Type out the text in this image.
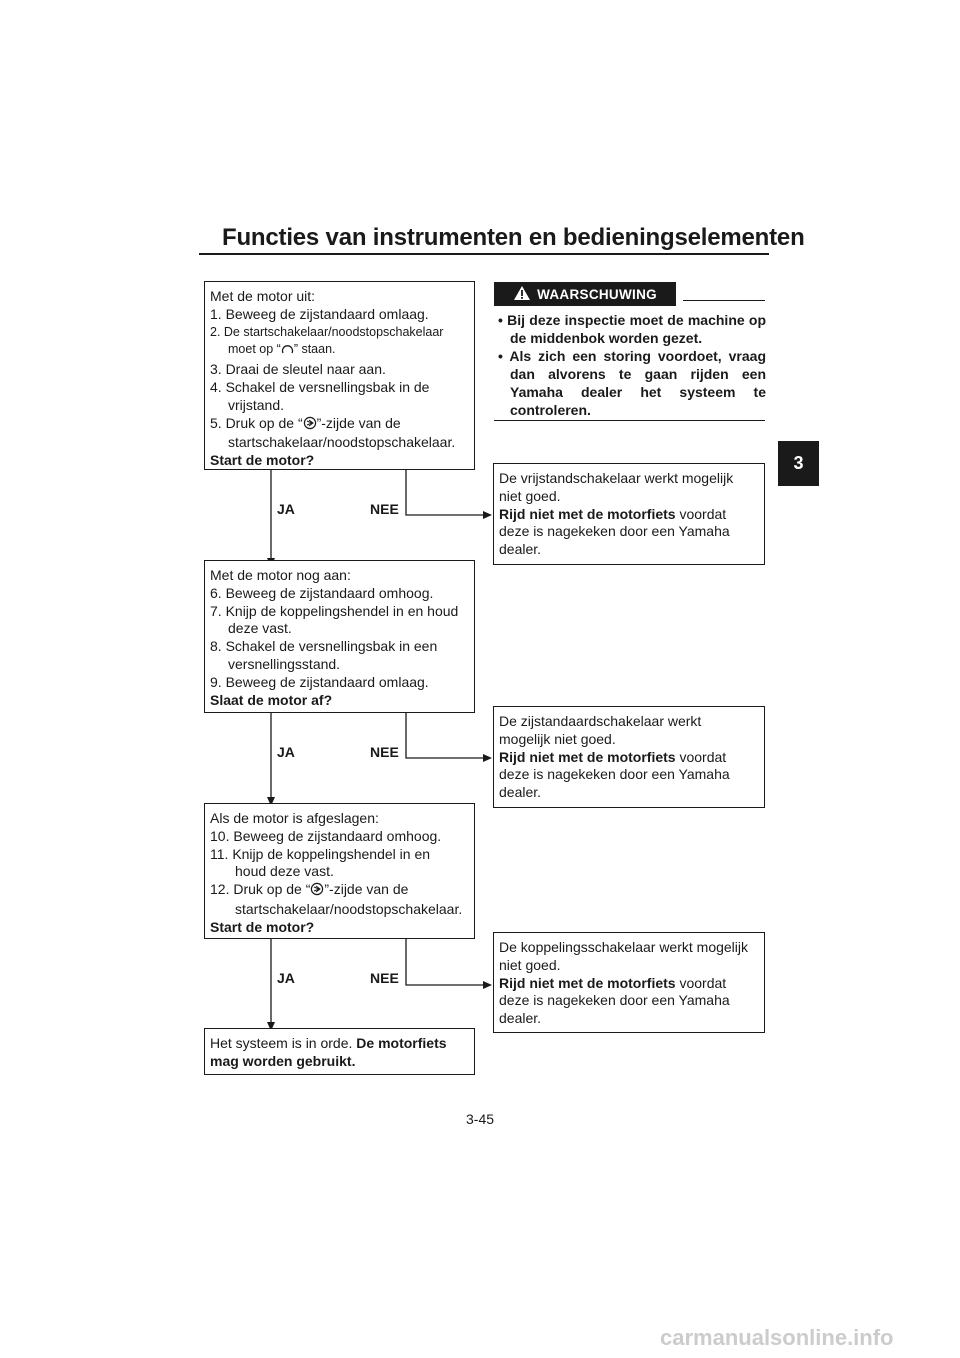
Functies van instrumenten en bedieningselementen
3
Met de motor uit:
1. Beweeg de zijstandaard omlaag.
2. De startschakelaar/noodstopschakelaar
moet op “ ” staan.
3. Draai de sleutel naar aan.
4. Schakel de versnellingsbak in de
vrijstand.
5. Druk op de “ ”-zijde van de
startschakelaar/noodstopschakelaar.
Start de motor?
Met de motor nog aan:
6. Beweeg de zijstandaard omhoog.
7. Knijp de koppelingshendel in en houd
deze vast.
8. Schakel de versnellingsbak in een
versnellingsstand.
9. Beweeg de zijstandaard omlaag.
Slaat de motor af?
Als de motor is afgeslagen:
10. Beweeg de zijstandaard omhoog.
11. Knijp de koppelingshendel in en
houd deze vast.
12. Druk op de “ ”-zijde van de
startschakelaar/noodstopschakelaar.
Start de motor?
Het systeem is in orde. De motorfiets
mag worden gebruikt.
De vrijstandschakelaar werkt mogelijk
niet goed.
Rijd niet met de motorfiets voordat
deze is nagekeken door een Yamaha
dealer.
De zijstandaardschakelaar werkt
mogelijk niet goed.
Rijd niet met de motorfiets voordat
deze is nagekeken door een Yamaha
dealer.
De koppelingsschakelaar werkt mogelijk
niet goed.
Rijd niet met de motorfiets voordat
deze is nagekeken door een Yamaha
dealer.
JA	NEE
JA	NEE
JA	NEE
WAARSCHUWING
• Bij deze inspectie moet de machine op de middenbok worden gezet.
• Als zich een storing voordoet, vraag dan alvorens te gaan rijden een Yamaha dealer het systeem te controleren.
3-45
carmanualsonline.info
